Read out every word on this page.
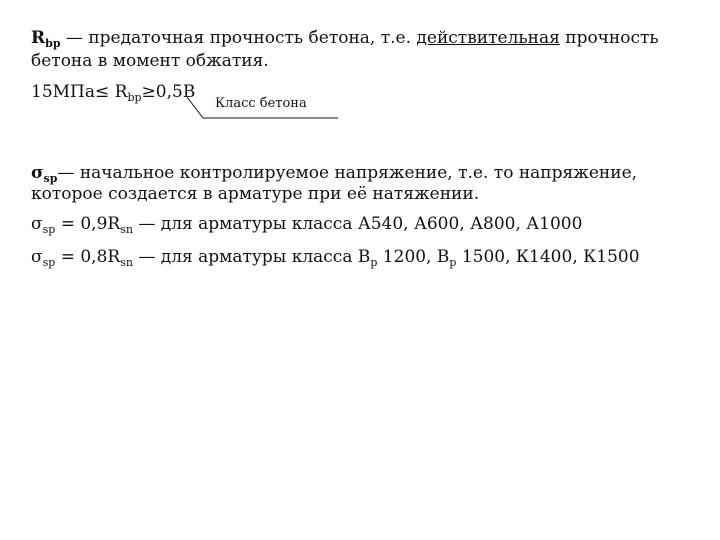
$R_{bp}$ — предаточная прочность бетона, т.е. действительная прочность
бетона в момент обжатия.
$15МПа\le R_{bp}\ge 0,5B$
Класс бетона
$\sigma_{sp}—$ начальное контролируемое напряжение, т.е. то напряжение,
которое создается в арматуре при её натяжении.
$\sigma_{sp} = 0,9R_{sn}$ — для арматуры класса А540, А600, А800, А1000
$\sigma_{sp} = 0,8R_{sn}$ — для арматуры класса $В_р$ 1200, $В_р$ 1500, К1400, К1500
